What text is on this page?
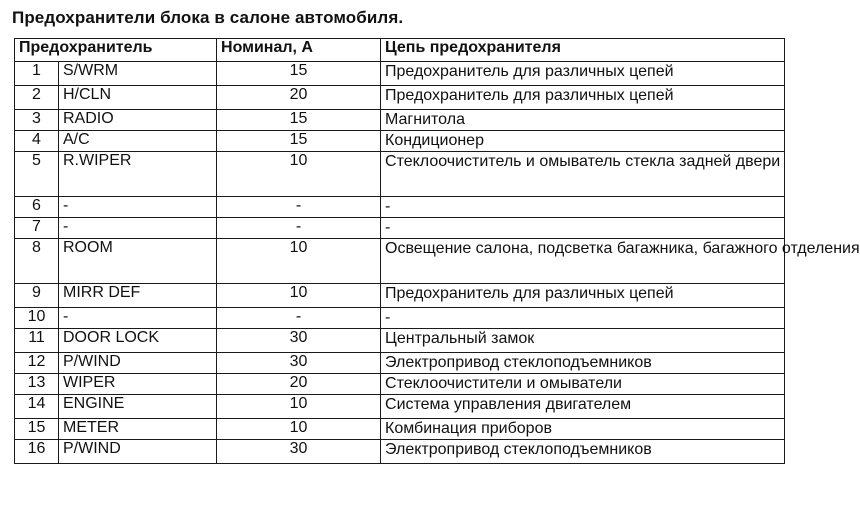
Предохранители блока в салоне автомобиля.
Предохранитель		Номинал, А	Цепь предохранителя
1	S/WRM	15	Предохранитель для различных цепей
2	H/CLN	20	Предохранитель для различных цепей
3	RADIO	15	Магнитола
4	A/C	15	Кондиционер
5	R.WIPER	10	Стеклоочиститель и омыватель стекла задней двери
6	-	-	-
7	-	-	-
8	ROOM	10	Освещение салона, подсветка багажника, багажного отделения
9	MIRR DEF	10	Предохранитель для различных цепей
10	-	-	-
11	DOOR LOCK	30	Центральный замок
12	P/WIND	30	Электропривод стеклоподъемников
13	WIPER	20	Стеклоочистители и омыватели
14	ENGINE	10	Система управления двигателем
15	METER	10	Комбинация приборов
16	P/WIND	30	Электропривод стеклоподъемников
